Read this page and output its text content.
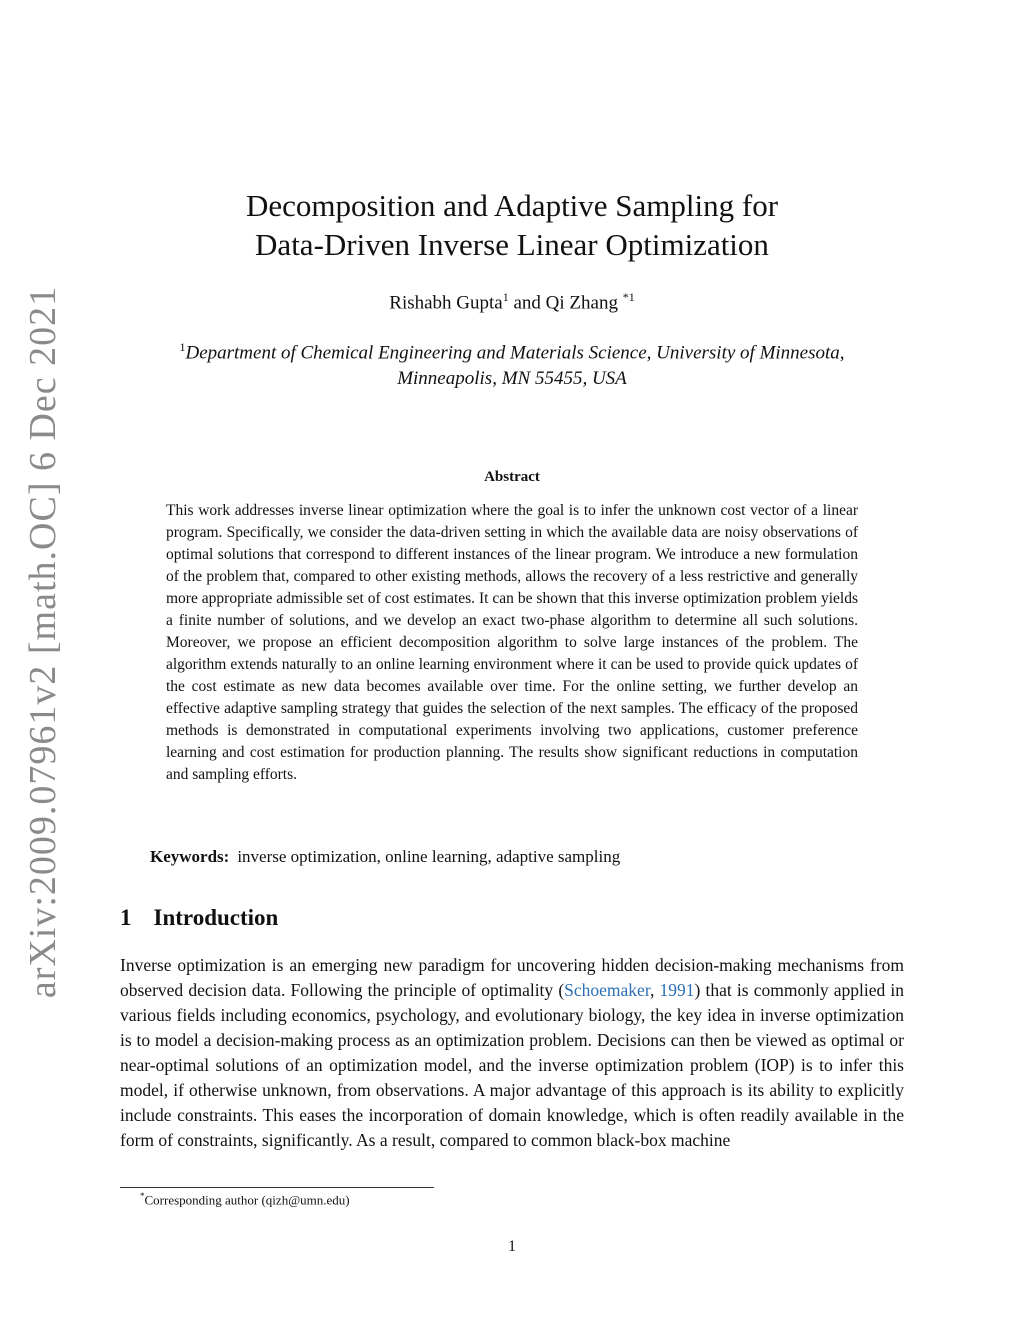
arXiv:2009.07961v2 [math.OC] 6 Dec 2021
Decomposition and Adaptive Sampling for
Data-Driven Inverse Linear Optimization
Rishabh Gupta$^1$ and Qi Zhang $^{*1}$
$^1$Department of Chemical Engineering and Materials Science, University of Minnesota,
Minneapolis, MN 55455, USA
Abstract

This work addresses inverse linear optimization where the goal is to infer the unknown cost vector of a linear program. Specifically, we consider the data-driven setting in which the available data are noisy observations of optimal solutions that correspond to different instances of the linear program. We introduce a new formulation of the problem that, compared to other existing methods, allows the recovery of a less restrictive and generally more appropriate admissible set of cost estimates. It can be shown that this inverse optimization problem yields a finite number of solutions, and we develop an exact two-phase algorithm to determine all such solutions. Moreover, we propose an efficient decomposition algorithm to solve large instances of the problem. The algorithm extends naturally to an online learning environment where it can be used to provide quick updates of the cost estimate as new data becomes available over time. For the online setting, we further develop an effective adaptive sampling strategy that guides the selection of the next samples. The efficacy of the proposed methods is demonstrated in computational experiments involving two applications, customer preference learning and cost estimation for production planning. The results show significant reductions in computation and sampling efforts.

Keywords: inverse optimization, online learning, adaptive sampling
1 Introduction

Inverse optimization is an emerging new paradigm for uncovering hidden decision-making mechanisms from observed decision data. Following the principle of optimality (Schoemaker, 1991) that is commonly applied in various fields including economics, psychology, and evolutionary biology, the key idea in inverse optimization is to model a decision-making process as an optimization problem. Decisions can then be viewed as optimal or near-optimal solutions of an optimization model, and the inverse optimization problem (IOP) is to infer this model, if otherwise unknown, from observations. A major advantage of this approach is its ability to explicitly include constraints. This eases the incorporation of domain knowledge, which is often readily available in the form of constraints, significantly. As a result, compared to common black-box machine

*Corresponding author (qizh@umn.edu)
1
